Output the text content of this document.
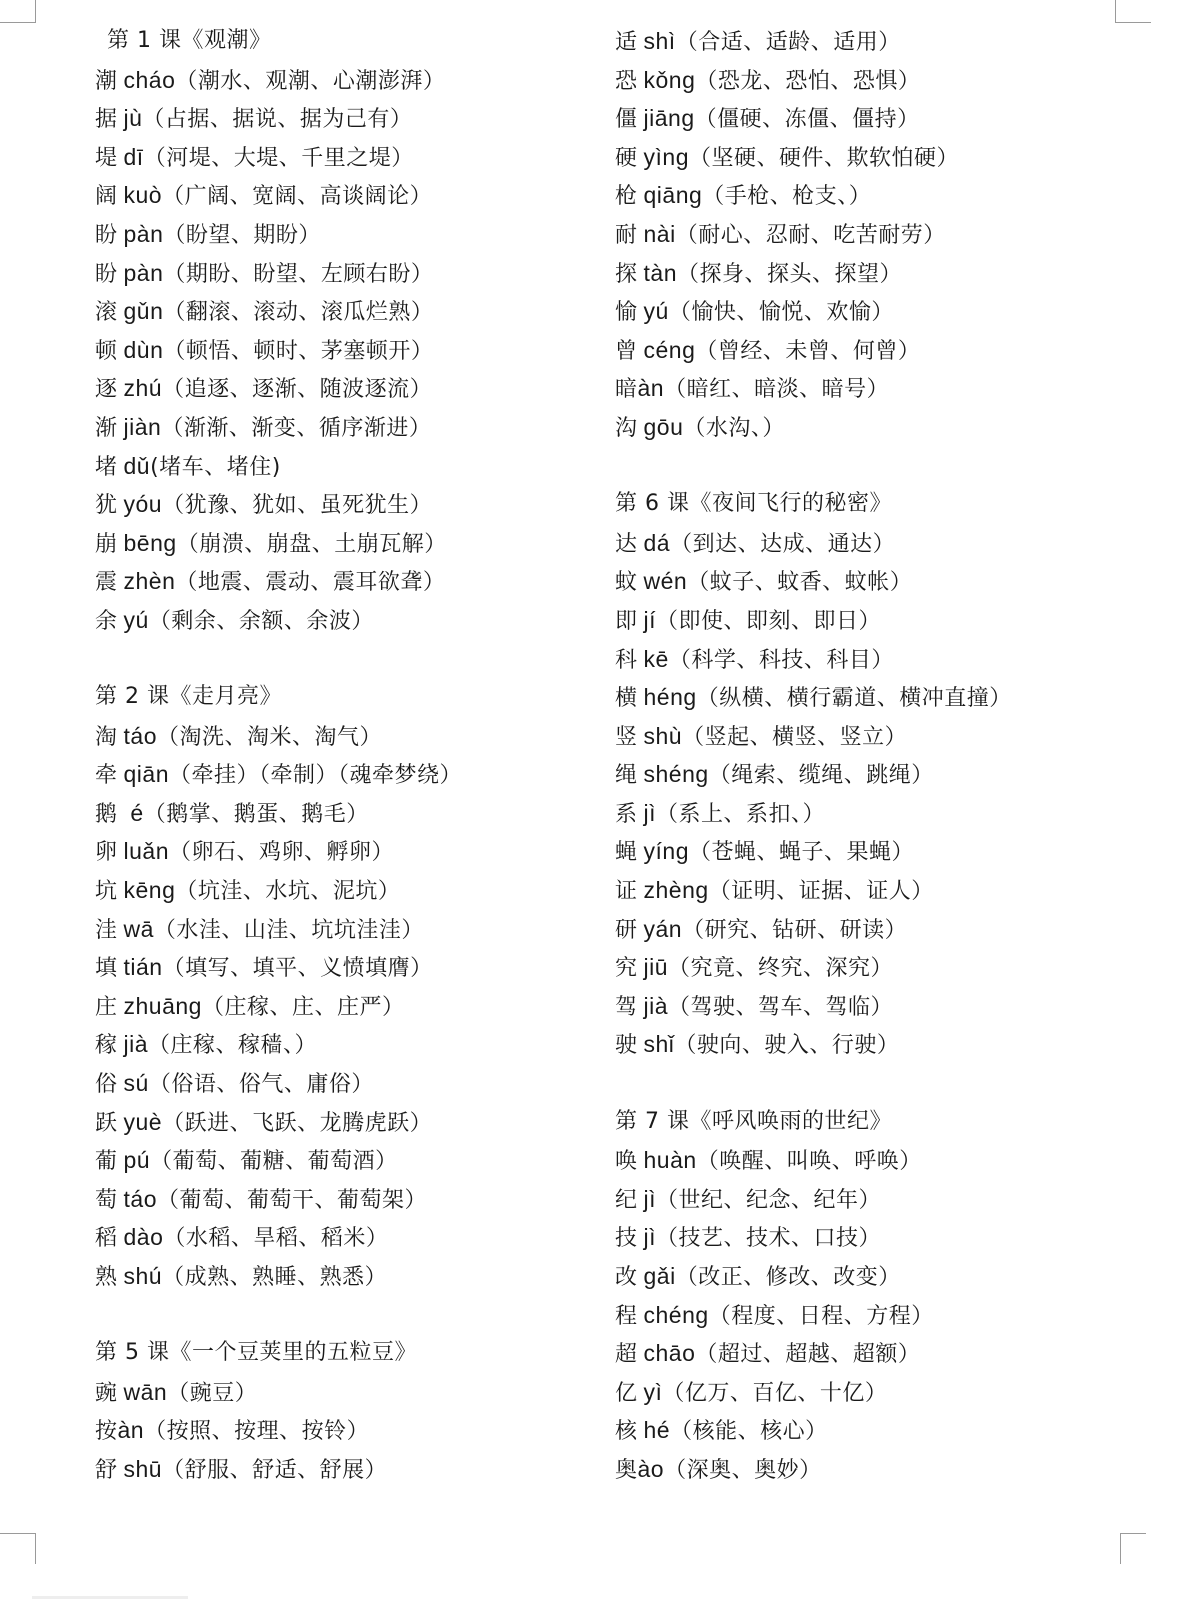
第 1 课《观潮》
潮 cháo（潮水、观潮、心潮澎湃）
据 jù（占据、据说、据为己有）
堤 dī（河堤、大堤、千里之堤）
阔 kuò（广阔、宽阔、高谈阔论）
盼 pàn（盼望、期盼）
盼 pàn（期盼、盼望、左顾右盼）
滚 gǔn（翻滚、滚动、滚瓜烂熟）
顿 dùn（顿悟、顿时、茅塞顿开）
逐 zhú（追逐、逐渐、随波逐流）
渐 jiàn（渐渐、渐变、循序渐进）
堵 dǔ(堵车、堵住)
犹 yóu（犹豫、犹如、虽死犹生）
崩 bēng（崩溃、崩盘、土崩瓦解）
震 zhèn（地震、震动、震耳欲聋）
余 yú（剩余、余额、余波）
第 2 课《走月亮》
淘 táo（淘洗、淘米、淘气）
牵 qiān（牵挂）（牵制）（魂牵梦绕）
鹅 é（鹅掌、鹅蛋、鹅毛）
卵 luǎn（卵石、鸡卵、孵卵）
坑 kēng（坑洼、水坑、泥坑）
洼 wā（水洼、山洼、坑坑洼洼）
填 tián（填写、填平、义愤填膺）
庄 zhuāng（庄稼、庄、庄严）
稼 jià（庄稼、稼穑、）
俗 sú（俗语、俗气、庸俗）
跃 yuè（跃进、飞跃、龙腾虎跃）
葡 pú（葡萄、葡糖、葡萄酒）
萄 táo（葡萄、葡萄干、葡萄架）
稻 dào（水稻、旱稻、稻米）
熟 shú（成熟、熟睡、熟悉）
第 5 课《一个豆荚里的五粒豆》
豌 wān（豌豆）
按àn（按照、按理、按铃）
舒 shū（舒服、舒适、舒展）
适 shì（合适、适龄、适用）
恐 kǒng（恐龙、恐怕、恐惧）
僵 jiāng（僵硬、冻僵、僵持）
硬 yìng（坚硬、硬件、欺软怕硬）
枪 qiāng（手枪、枪支、）
耐 nài（耐心、忍耐、吃苦耐劳）
探 tàn（探身、探头、探望）
愉 yú（愉快、愉悦、欢愉）
曾 céng（曾经、未曾、何曾）
暗àn（暗红、暗淡、暗号）
沟 gōu（水沟、）
第 6 课《夜间飞行的秘密》
达 dá（到达、达成、通达）
蚊 wén（蚊子、蚊香、蚊帐）
即 jí（即使、即刻、即日）
科 kē（科学、科技、科目）
横 héng（纵横、横行霸道、横冲直撞）
竖 shù（竖起、横竖、竖立）
绳 shéng（绳索、缆绳、跳绳）
系 jì（系上、系扣、）
蝇 yíng（苍蝇、蝇子、果蝇）
证 zhèng（证明、证据、证人）
研 yán（研究、钻研、研读）
究 jiū（究竟、终究、深究）
驾 jià（驾驶、驾车、驾临）
驶 shǐ（驶向、驶入、行驶）
第 7 课《呼风唤雨的世纪》
唤 huàn（唤醒、叫唤、呼唤）
纪 jì（世纪、纪念、纪年）
技 jì（技艺、技术、口技）
改 gǎi（改正、修改、改变）
程 chéng（程度、日程、方程）
超 chāo（超过、超越、超额）
亿 yì（亿万、百亿、十亿）
核 hé（核能、核心）
奥ào（深奥、奥妙）
